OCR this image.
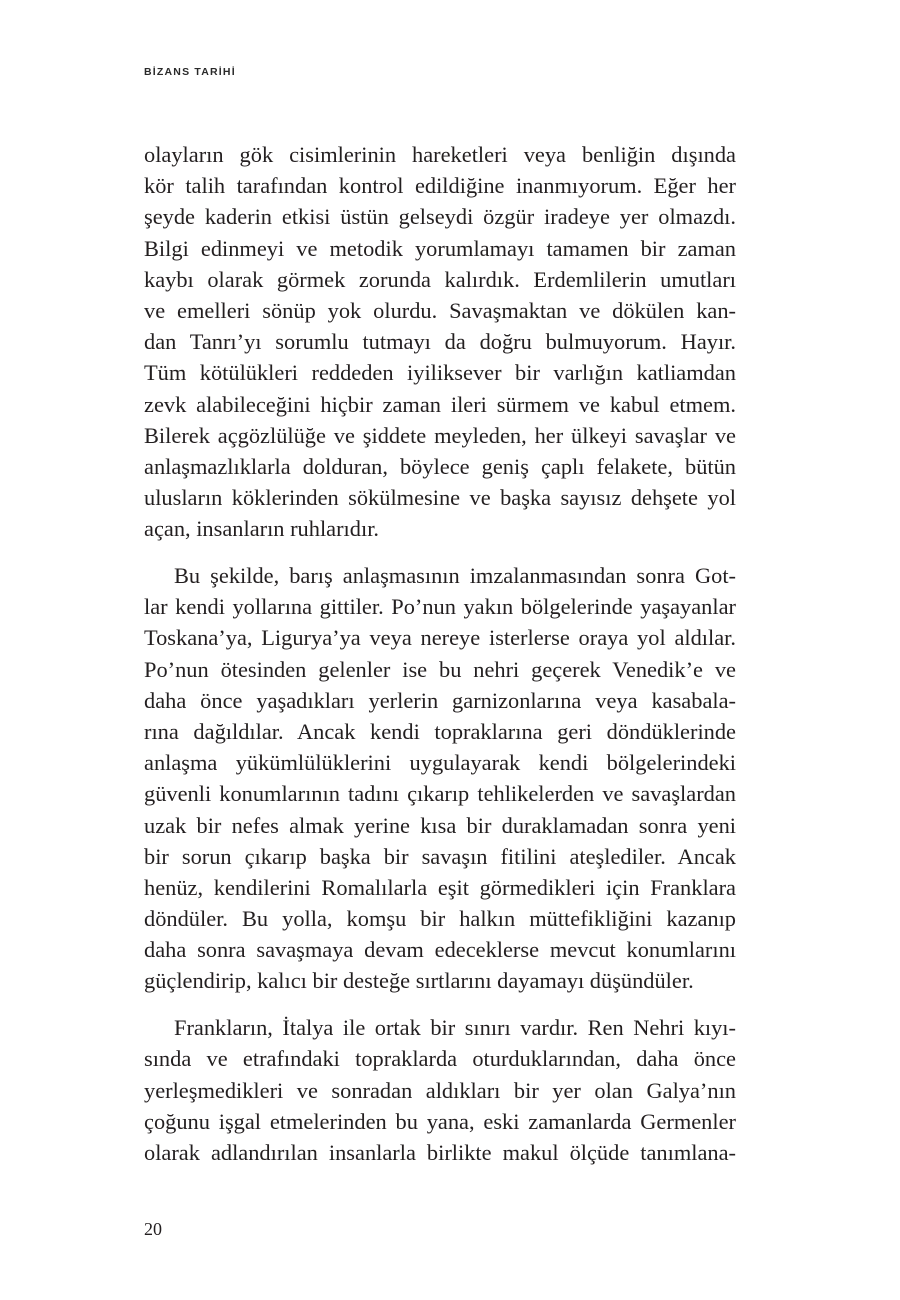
BİZANS TARİHİ
olayların gök cisimlerinin hareketleri veya benliğin dışında
kör talih tarafından kontrol edildiğine inanmıyorum. Eğer her
şeyde kaderin etkisi üstün gelseydi özgür iradeye yer olmazdı.
Bilgi edinmeyi ve metodik yorumlamayı tamamen bir zaman
kaybı olarak görmek zorunda kalırdık. Erdemlilerin umutları
ve emelleri sönüp yok olurdu. Savaşmaktan ve dökülen kan-
dan Tanrı’yı sorumlu tutmayı da doğru bulmuyorum. Hayır.
Tüm kötülükleri reddeden iyiliksever bir varlığın katliamdan
zevk alabileceğini hiçbir zaman ileri sürmem ve kabul etmem.
Bilerek açgözlülüğe ve şiddete meyleden, her ülkeyi savaşlar ve
anlaşmazlıklarla dolduran, böylece geniş çaplı felakete, bütün
ulusların köklerinden sökülmesine ve başka sayısız dehşete yol
açan, insanların ruhlarıdır.
Bu şekilde, barış anlaşmasının imzalanmasından sonra Got-
lar kendi yollarına gittiler. Po’nun yakın bölgelerinde yaşayanlar
Toskana’ya, Ligurya’ya veya nereye isterlerse oraya yol aldılar.
Po’nun ötesinden gelenler ise bu nehri geçerek Venedik’e ve
daha önce yaşadıkları yerlerin garnizonlarına veya kasabala-
rına dağıldılar. Ancak kendi topraklarına geri döndüklerinde
anlaşma yükümlülüklerini uygulayarak kendi bölgelerindeki
güvenli konumlarının tadını çıkarıp tehlikelerden ve savaşlardan
uzak bir nefes almak yerine kısa bir duraklamadan sonra yeni
bir sorun çıkarıp başka bir savaşın fitilini ateşlediler. Ancak
henüz, kendilerini Romalılarla eşit görmedikleri için Franklara
döndüler. Bu yolla, komşu bir halkın müttefikliğini kazanıp
daha sonra savaşmaya devam edeceklerse mevcut konumlarını
güçlendirip, kalıcı bir desteğe sırtlarını dayamayı düşündüler.
Frankların, İtalya ile ortak bir sınırı vardır. Ren Nehri kıyı-
sında ve etrafındaki topraklarda oturduklarından, daha önce
yerleşmedikleri ve sonradan aldıkları bir yer olan Galya’nın
çoğunu işgal etmelerinden bu yana, eski zamanlarda Germenler
olarak adlandırılan insanlarla birlikte makul ölçüde tanımlana-
20
